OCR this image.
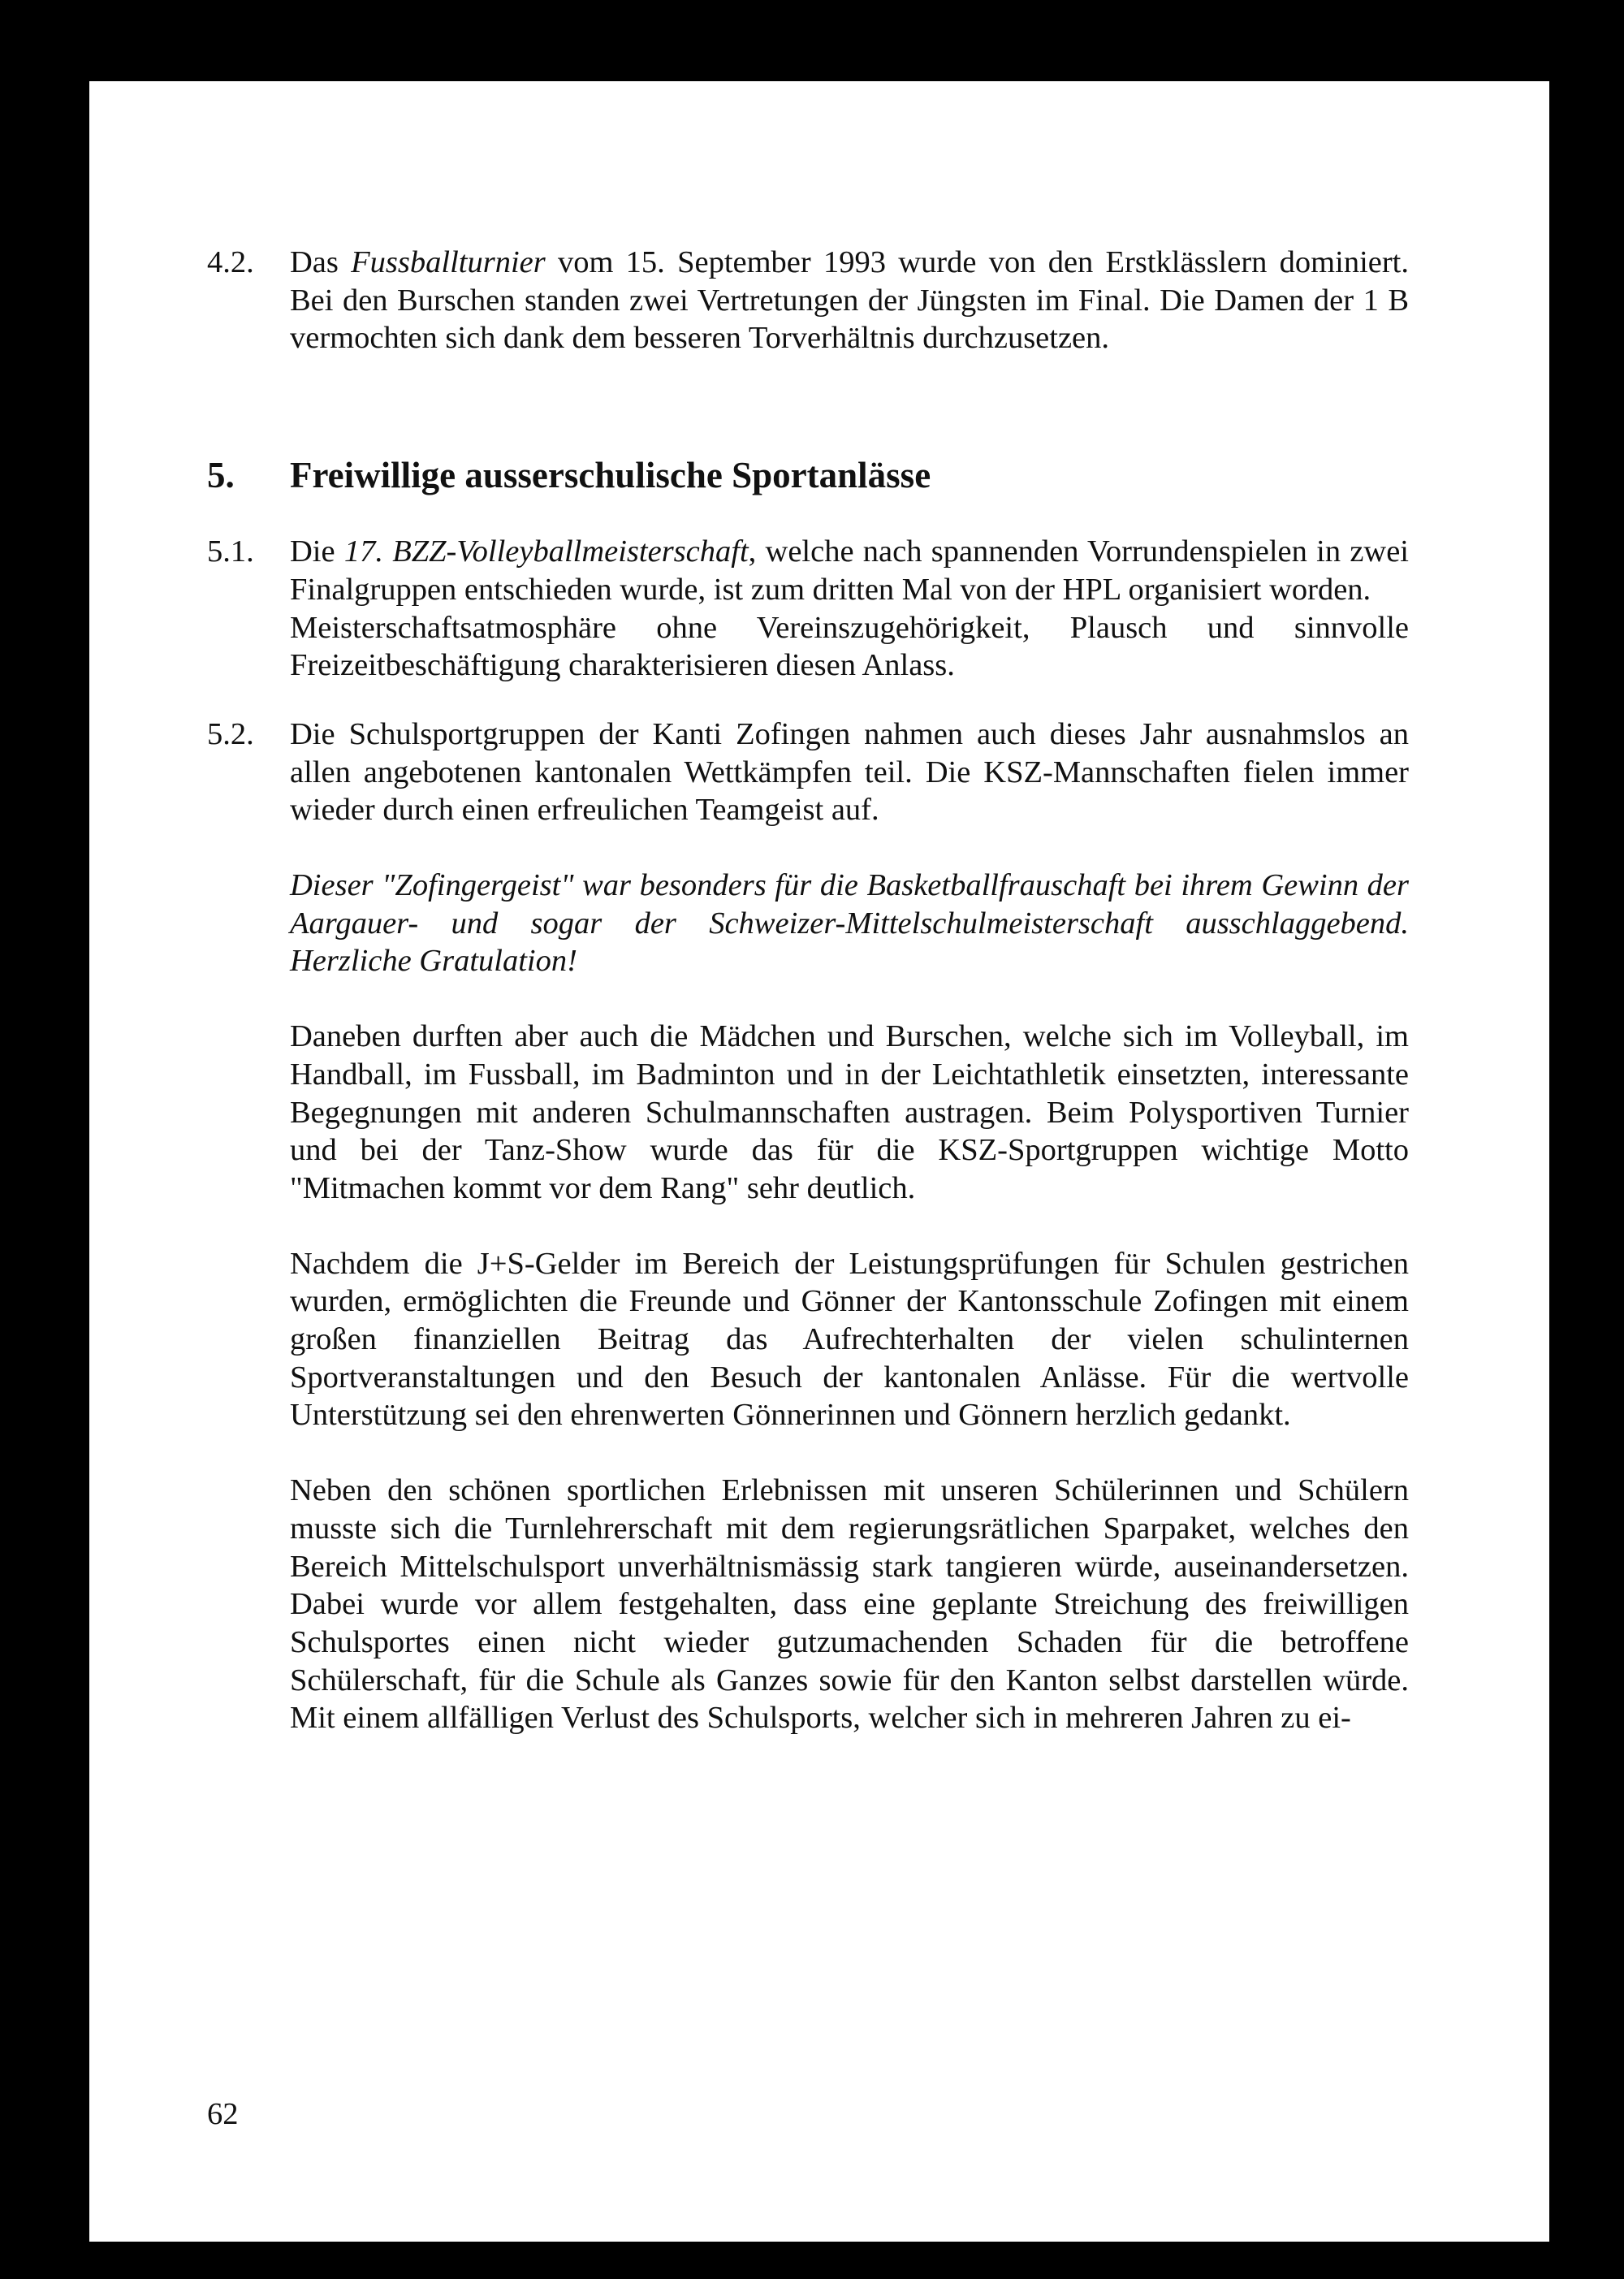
4.2. Das Fussballturnier vom 15. September 1993 wurde von den Erstklässlern dominiert. Bei den Burschen standen zwei Vertretungen der Jüngsten im Final. Die Damen der 1 B vermochten sich dank dem besseren Torverhältnis durchzusetzen.

5. Freiwillige ausserschulische Sportanlässe
5.1. Die 17. BZZ-Volleyballmeisterschaft, welche nach spannenden Vorrundenspielen in zwei Finalgruppen entschieden wurde, ist zum dritten Mal von der HPL organisiert worden.

Meisterschaftsatmosphäre ohne Vereinszugehörigkeit, Plausch und sinnvolle Freizeitbeschäftigung charakterisieren diesen Anlass.

5.2. Die Schulsportgruppen der Kanti Zofingen nahmen auch dieses Jahr ausnahmslos an allen angebotenen kantonalen Wettkämpfen teil. Die KSZ-Mannschaften fielen immer wieder durch einen erfreulichen Teamgeist auf.

Dieser "Zofingergeist" war besonders für die Basketballfrauschaft bei ihrem Gewinn der Aargauer- und sogar der Schweizer-Mittelschulmeisterschaft ausschlaggebend. Herzliche Gratulation!

Daneben durften aber auch die Mädchen und Burschen, welche sich im Volleyball, im Handball, im Fussball, im Badminton und in der Leichtathletik einsetzten, interessante Begegnungen mit anderen Schulmannschaften austragen. Beim Polysportiven Turnier und bei der Tanz-Show wurde das für die KSZ-Sportgruppen wichtige Motto "Mitmachen kommt vor dem Rang" sehr deutlich.

Nachdem die J+S-Gelder im Bereich der Leistungsprüfungen für Schulen gestrichen wurden, ermöglichten die Freunde und Gönner der Kantonsschule Zofingen mit einem großen finanziellen Beitrag das Aufrechterhalten der vielen schulinternen Sportveranstaltungen und den Besuch der kantonalen Anlässe. Für die wertvolle Unterstützung sei den ehrenwerten Gönnerinnen und Gönnern herzlich gedankt.

Neben den schönen sportlichen Erlebnissen mit unseren Schülerinnen und Schülern musste sich die Turnlehrerschaft mit dem regierungsrätlichen Sparpaket, welches den Bereich Mittelschulsport unverhältnismässig stark tangieren würde, auseinandersetzen. Dabei wurde vor allem festgehalten, dass eine geplante Streichung des freiwilligen Schulsportes einen nicht wieder gutzumachenden Schaden für die betroffene Schülerschaft, für die Schule als Ganzes sowie für den Kanton selbst darstellen würde. Mit einem allfälligen Verlust des Schulsports, welcher sich in mehreren Jahren zu ei-

62
